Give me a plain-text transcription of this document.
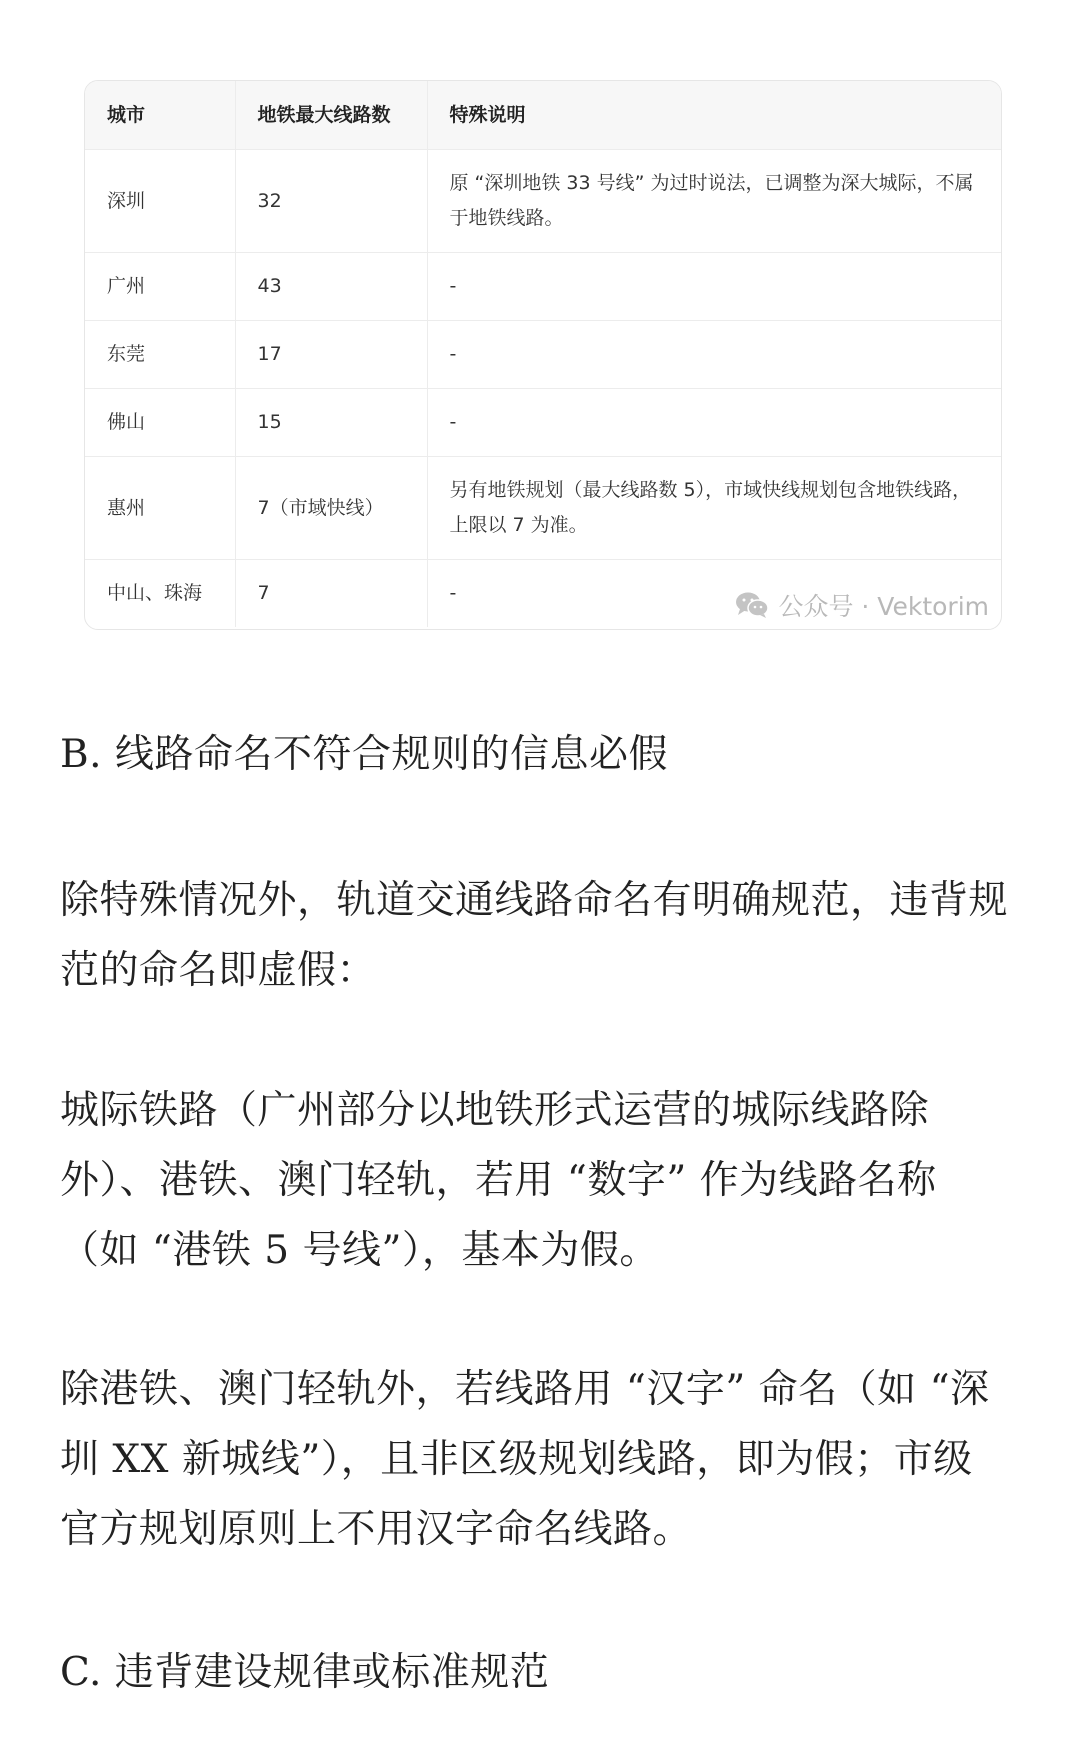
城市	地铁最大线路数	特殊说明
深圳	32	原 “深圳地铁 33 号线” 为过时说法，已调整为深大城际，不属于地铁线路。
广州	43	-
东莞	17	-
佛山	15	-
惠州	7（市域快线）	另有地铁规划（最大线路数 5），市域快线规划包含地铁线路，上限以 7 为准。
中山、珠海	7	-	公众号 · Vektorim

B. 线路命名不符合规则的信息必假

除特殊情况外，轨道交通线路命名有明确规范，违背规范的命名即虚假：

城际铁路（广州部分以地铁形式运营的城际线路除外）、港铁、澳门轻轨，若用 “数字” 作为线路名称（如 “港铁 5 号线”），基本为假。

除港铁、澳门轻轨外，若线路用 “汉字” 命名（如 “深圳 XX 新城线”），且非区级规划线路，即为假；市级官方规划原则上不用汉字命名线路。

C. 违背建设规律或标准规范
